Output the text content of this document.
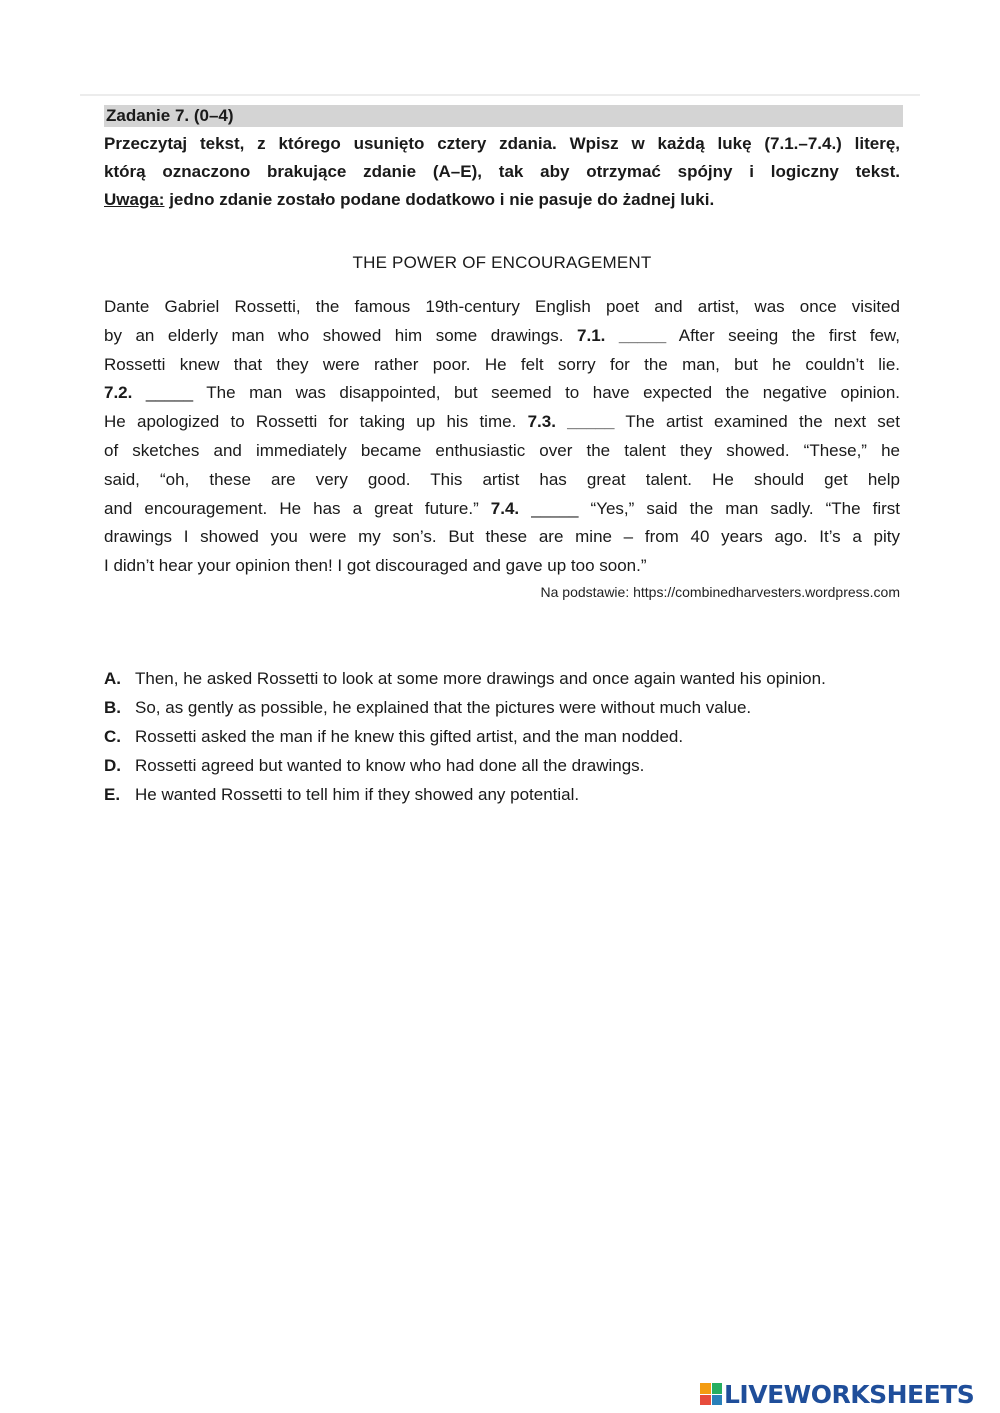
Zadanie 7. (0–4)
Przeczytaj tekst, z którego usunięto cztery zdania. Wpisz w każdą lukę (7.1.–7.4.) literę,
którą oznaczono brakujące zdanie (A–E), tak aby otrzymać spójny i logiczny tekst.
Uwaga: jedno zdanie zostało podane dodatkowo i nie pasuje do żadnej luki.
THE POWER OF ENCOURAGEMENT
Dante Gabriel Rossetti, the famous 19th-century English poet and artist, was once visited
by an elderly man who showed him some drawings. 7.1. _____ After seeing the first few,
Rossetti knew that they were rather poor. He felt sorry for the man, but he couldn’t lie.
7.2. _____ The man was disappointed, but seemed to have expected the negative opinion.
He apologized to Rossetti for taking up his time. 7.3. _____ The artist examined the next set
of sketches and immediately became enthusiastic over the talent they showed. “These,” he
said, “oh, these are very good. This artist has great talent. He should get help
and encouragement. He has a great future.” 7.4. _____ “Yes,” said the man sadly. “The first
drawings I showed you were my son’s. But these are mine – from 40 years ago. It’s a pity
I didn’t hear your opinion then! I got discouraged and gave up too soon.”
Na podstawie: https://combinedharvesters.wordpress.com
A. Then, he asked Rossetti to look at some more drawings and once again wanted his opinion.
B. So, as gently as possible, he explained that the pictures were without much value.
C. Rossetti asked the man if he knew this gifted artist, and the man nodded.
D. Rossetti agreed but wanted to know who had done all the drawings.
E. He wanted Rossetti to tell him if they showed any potential.
LIVEWORKSHEETS
